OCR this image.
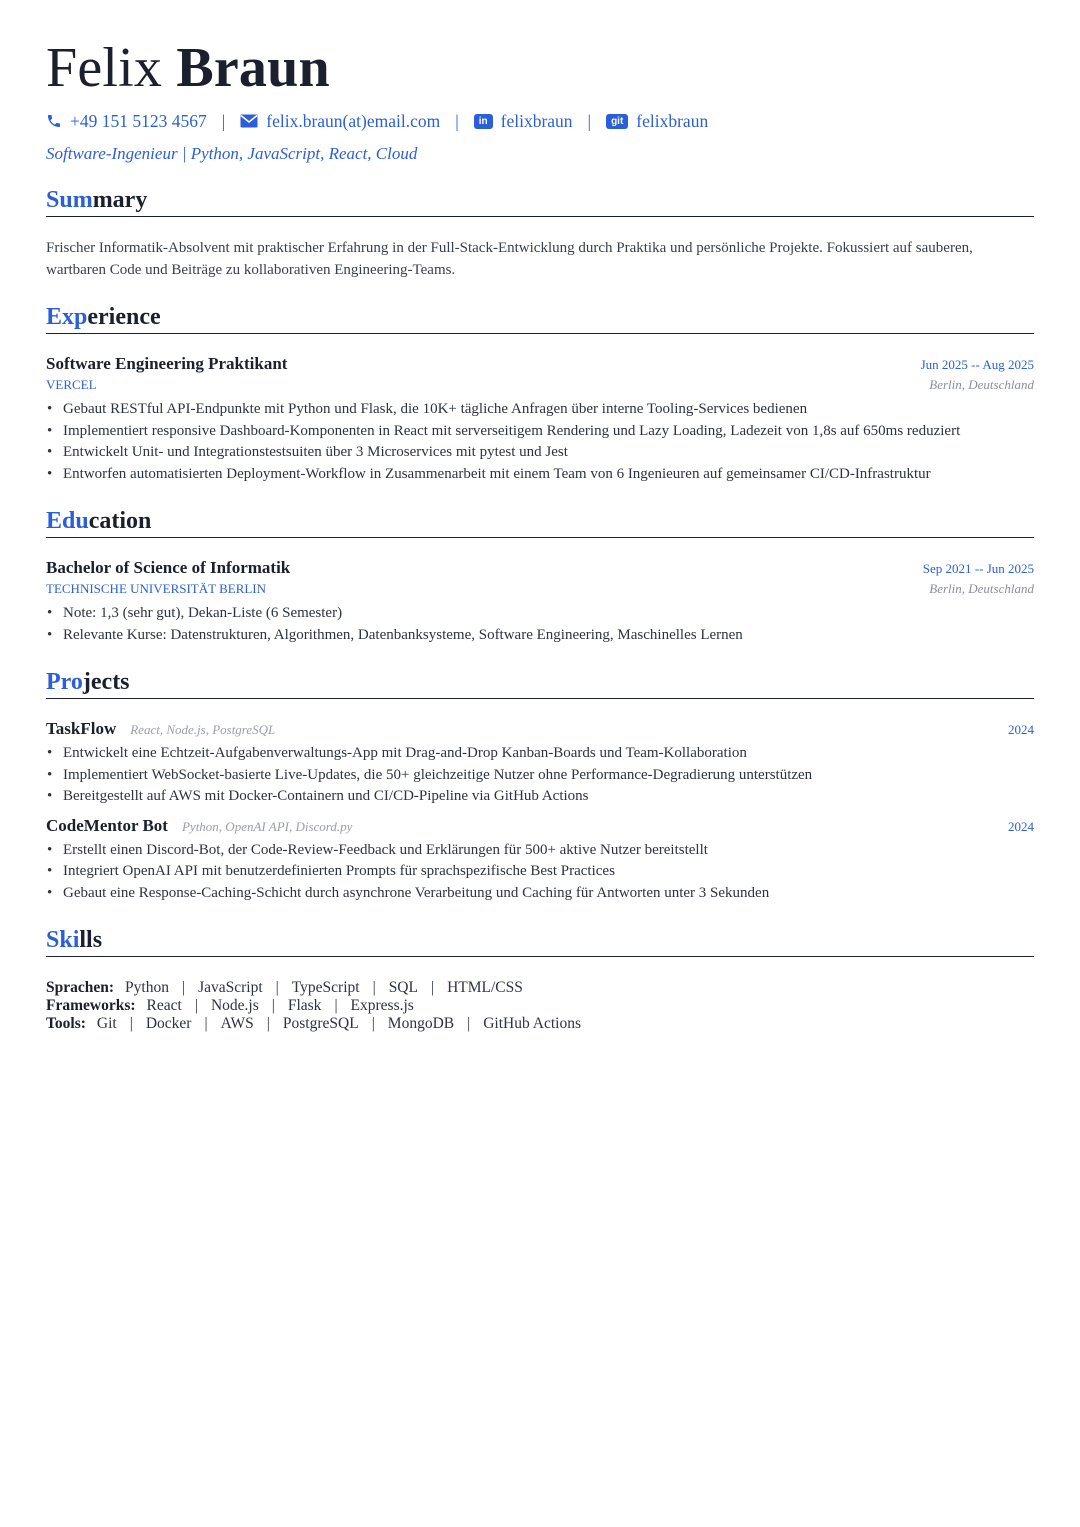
Felix Braun
+49 151 5123 4567 | felix.braun(at)email.com |	in felixbraun |	git felixbraun
Software-Ingenieur | Python, JavaScript, React, Cloud
Summary

Frischer Informatik-Absolvent mit praktischer Erfahrung in der Full-Stack-Entwicklung durch Praktika und persönliche Projekte. Fokussiert auf sauberen, wartbaren Code und Beiträge zu kollaborativen Engineering-Teams.

Experience
Software Engineering Praktikant	Jun 2025 -- Aug 2025
VERCEL	Berlin, Deutschland
• Gebaut RESTful API-Endpunkte mit Python und Flask, die 10K+ tägliche Anfragen über interne Tooling-Services bedienen
• Implementiert responsive Dashboard-Komponenten in React mit serverseitigem Rendering und Lazy Loading, Ladezeit von 1,8s auf 650ms reduziert
• Entwickelt Unit- und Integrationstestsuiten über 3 Microservices mit pytest und Jest
• Entworfen automatisierten Deployment-Workflow in Zusammenarbeit mit einem Team von 6 Ingenieuren auf gemeinsamer CI/CD-Infrastruktur
Education
Bachelor of Science of Informatik	Sep 2021 -- Jun 2025
TECHNISCHE UNIVERSITÄT BERLIN	Berlin, Deutschland
• Note: 1,3 (sehr gut), Dekan-Liste (6 Semester)
• Relevante Kurse: Datenstrukturen, Algorithmen, Datenbanksysteme, Software Engineering, Maschinelles Lernen
Projects
TaskFlow React, Node.js, PostgreSQL	2024
• Entwickelt eine Echtzeit-Aufgabenverwaltungs-App mit Drag-and-Drop Kanban-Boards und Team-Kollaboration
• Implementiert WebSocket-basierte Live-Updates, die 50+ gleichzeitige Nutzer ohne Performance-Degradierung unterstützen
• Bereitgestellt auf AWS mit Docker-Containern und CI/CD-Pipeline via GitHub Actions
CodeMentor Bot Python, OpenAI API, Discord.py	2024
• Erstellt einen Discord-Bot, der Code-Review-Feedback und Erklärungen für 500+ aktive Nutzer bereitstellt
• Integriert OpenAI API mit benutzerdefinierten Prompts für sprachspezifische Best Practices
• Gebaut eine Response-Caching-Schicht durch asynchrone Verarbeitung und Caching für Antworten unter 3 Sekunden
Skills
Sprachen: Python | JavaScript | TypeScript | SQL | HTML/CSS
Frameworks: React | Node.js | Flask | Express.js
Tools: Git | Docker | AWS | PostgreSQL | MongoDB | GitHub Actions
